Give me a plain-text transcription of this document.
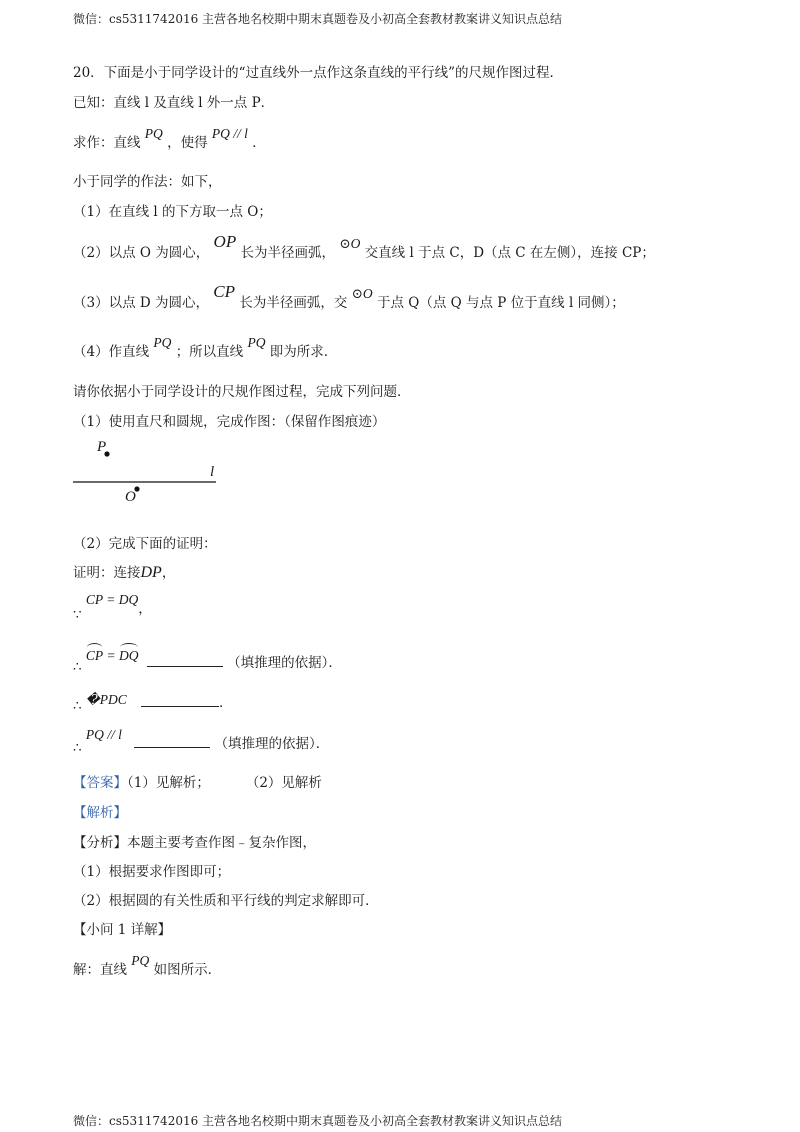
微信：cs5311742016 主营各地名校期中期末真题卷及小初高全套教材教案讲义知识点总结
20．下面是小于同学设计的“过直线外一点作这条直线的平行线”的尺规作图过程．
已知：直线 l 及直线 l 外一点 P．
求作：直线 PQ ，使得 PQ // l ．
小于同学的作法：如下，
（1）在直线 l 的下方取一点 O；
（2）以点 O 为圆心， OP 长为半径画弧， ⊙O 交直线 l 于点 C，D（点 C 在左侧），连接 CP；
（3）以点 D 为圆心， CP 长为半径画弧，交 ⊙O 于点 Q（点 Q 与点 P 位于直线 l 同侧）；
（4）作直线 PQ ；所以直线 PQ 即为所求．
请你依据小于同学设计的尺规作图过程，完成下列问题．
（1）使用直尺和圆规，完成作图：（保留作图痕迹）
P
l
O
（2）完成下面的证明：
证明：连接DP，
∵ CP = DQ，
∴ CP = DQ	（填推理的依据）．
∴ �PDC	．
∴ PQ // l  （填推理的依据）．
【答案】（1）见解析；	（2）见解析
【解析】
【分析】本题主要考查作图﹣复杂作图，
（1）根据要求作图即可；
（2）根据圆的有关性质和平行线的判定求解即可．
【小问 1 详解】
解：直线 PQ 如图所示．
微信：cs5311742016 主营各地名校期中期末真题卷及小初高全套教材教案讲义知识点总结
